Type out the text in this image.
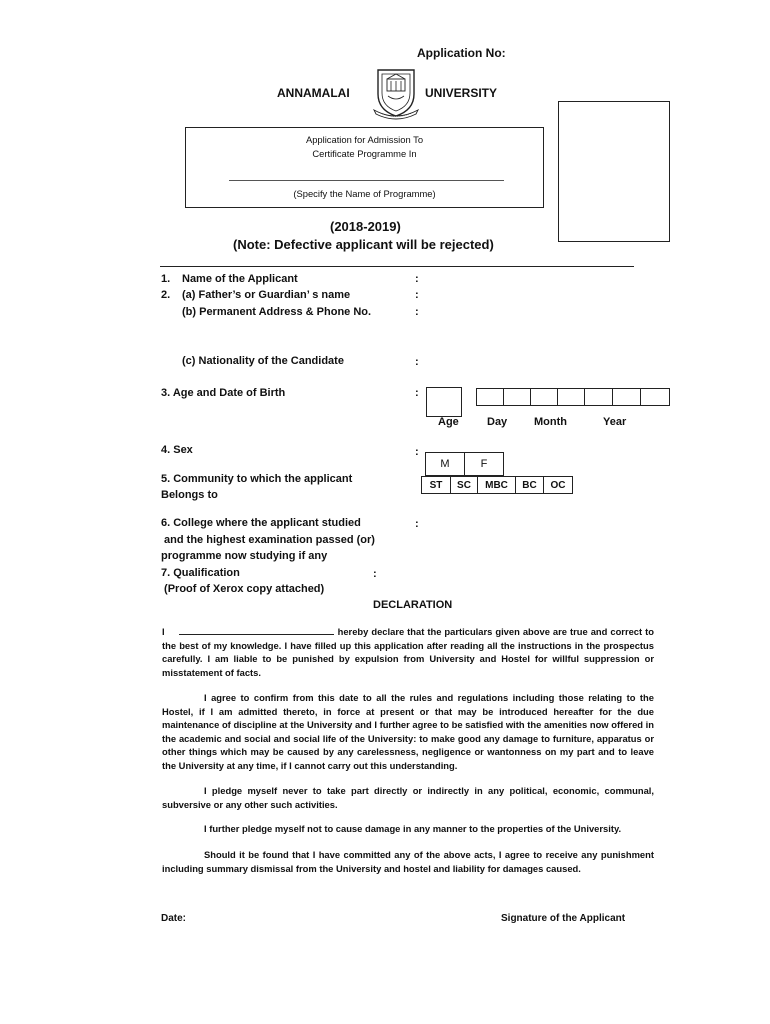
Application No:
ANNAMALAI	UNIVERSITY
Application for Admission To
Certificate Programme In
(Specify the Name of Programme)
(2018-2019)
(Note: Defective applicant will be rejected)
1. Name of the Applicant	:
2. (a) Father’s or Guardian’ s name	:
(b) Permanent Address & Phone No.	:
(c) Nationality of the Candidate	:
3. Age and Date of Birth	:
Age	Day Month	Year
4. Sex	:
M	F
ST SC MBC BC OC
5. Community to which the applicant
Belongs to
6. College where the applicant studied	:
and the highest examination passed (or)
programme now studying if any
7. Qualification	:
(Proof of Xerox copy attached)
DECLARATION
I	hereby declare that the particulars given above are true and correct to the best of my knowledge. I have filled up this application after reading all the instructions in the prospectus carefully. I am liable to be punished by expulsion from University and Hostel for willful suppression or misstatement of facts.
I agree to confirm from this date to all the rules and regulations including those relating to the Hostel, if I am admitted thereto, in force at present or that may be introduced hereafter for the due maintenance of discipline at the University and I further agree to be satisfied with the amenities now offered in the academic and social and social life of the University: to make good any damage to furniture, apparatus or other things which may be caused by any carelessness, negligence or wantonness on my part and to leave the University at any time, if I cannot carry out this understanding.
I pledge myself never to take part directly or indirectly in any political, economic, communal, subversive or any other such activities.
I further pledge myself not to cause damage in any manner to the properties of the University.
Should it be found that I have committed any of the above acts, I agree to receive any punishment including summary dismissal from the University and hostel and liability for damages caused.
Date:	Signature of the Applicant
